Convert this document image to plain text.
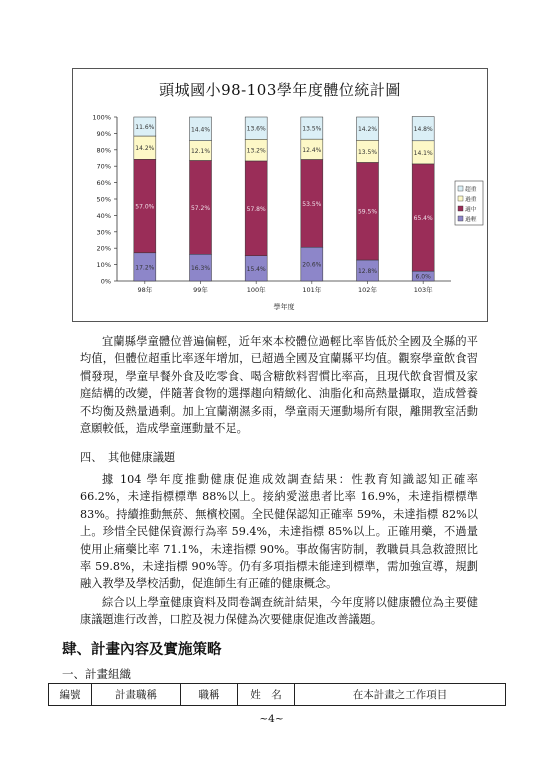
頭城國小98-103學年度體位統計圖
0%
10%
20%
30%
40%
50%
60%
70%
80%
90%
100%
17.2%
57.0%
14.2%
11.6%
98年
16.3%
57.2%
12.1%
14.4%
99年
15.4%
57.8%
13.2%
13.6%
100年
20.6%
53.5%
12.4%
13.5%
101年
12.8%
59.5%
13.5%
14.2%
102年
6.0%
65.4%
14.1%
14.8%
103年
學年度
超重
過重
適中
過輕

宜蘭縣學童體位普遍偏輕，近年來本校體位過輕比率皆低於全國及全縣的平均值，但體位超重比率逐年增加，已超過全國及宜蘭縣平均值。觀察學童飲食習慣發現，學童早餐外食及吃零食、喝含糖飲料習慣比率高，且現代飲食習慣及家庭結構的改變，伴隨著食物的選擇趨向精緻化、油脂化和高熱量攝取，造成營養不均衡及熱量過剩。加上宜蘭潮濕多雨，學童雨天運動場所有限，離開教室活動意願較低，造成學童運動量不足。

四、　其他健康議題

據 104 學年度推動健康促進成效調查結果：性教育知識認知正確率66.2%，未達指標標準 88%以上。接納愛滋患者比率 16.9%，未達指標標準83%。持續推動無菸、無檳校園。全民健保認知正確率 59%，未達指標 82%以上。珍惜全民健保資源行為率 59.4%，未達指標 85%以上。正確用藥，不過量使用止痛藥比率 71.1%，未達指標 90%。事故傷害防制，教職員具急救證照比率 59.8%，未達指標 90%等。仍有多項指標未能達到標準，需加強宣導，規劃融入教學及學校活動，促進師生有正確的健康概念。

綜合以上學童健康資料及問卷調查統計結果，今年度將以健康體位為主要健康議題進行改善，口腔及視力保健為次要健康促進改善議題。

肆、計畫內容及實施策略

一、計畫組織

編號	計畫職稱	職稱	姓　名	在本計畫之工作項目
~4~
